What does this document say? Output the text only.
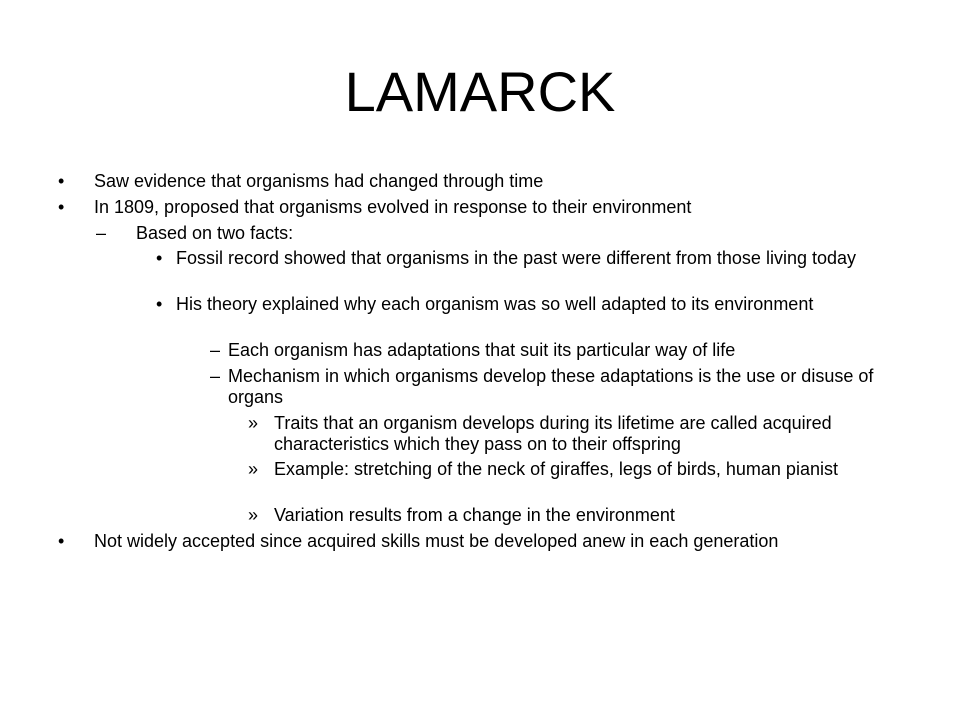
LAMARCK
• Saw evidence that organisms had changed through time
• In 1809, proposed that organisms evolved in response to their environment
– Based on two facts:
• Fossil record showed that organisms in the past were different from those living today
• His theory explained why each organism was so well adapted to its environment
– Each organism has adaptations that suit its particular way of life
– Mechanism in which organisms develop these adaptations is the use or disuse of organs
» Traits that an organism develops during its lifetime are called acquired characteristics which they pass on to their offspring
» Example: stretching of the neck of giraffes, legs of birds, human pianist
» Variation results from a change in the environment
• Not widely accepted since acquired skills must be developed anew in each generation
